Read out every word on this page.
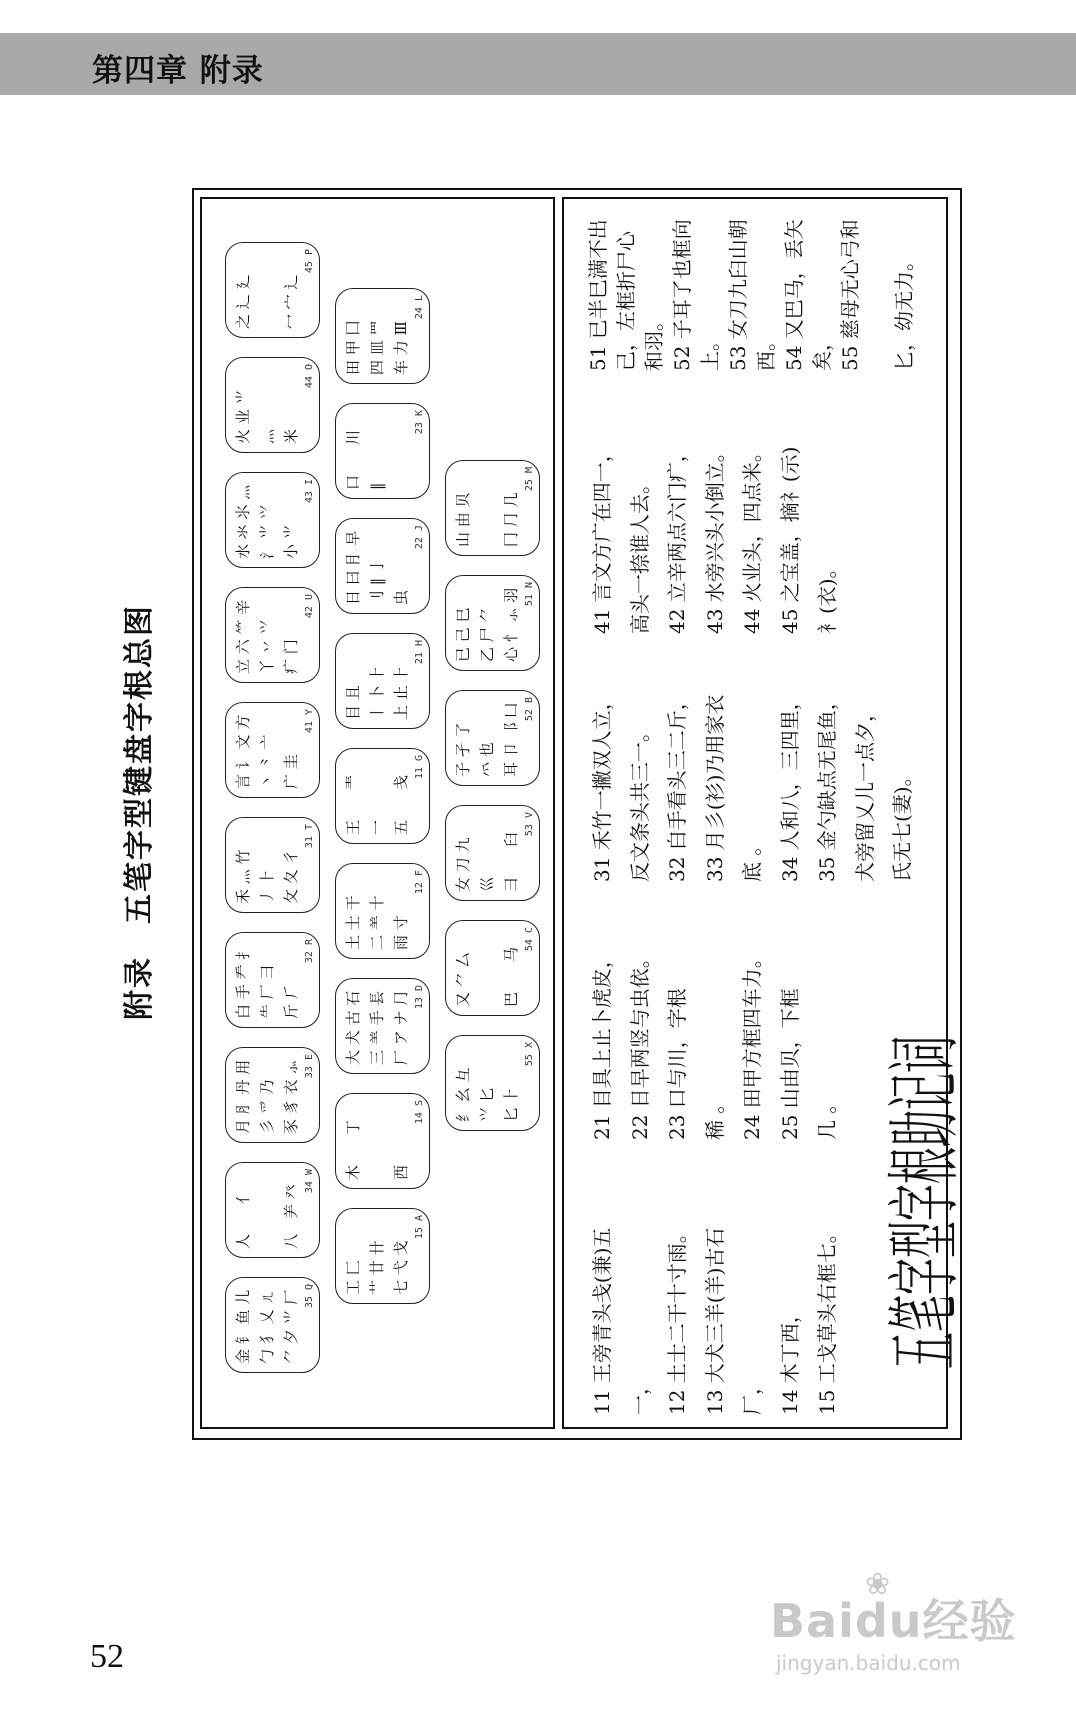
第四章 附录
附录　五笔字型键盘字根总图
金 钅 鱼 儿 勹 ⺨ 乂 ㄦ ⺈ 夕 ⺌ 厂 35 Q
人　　亻 八　⺶ 癶
34 W
月 ⺼ 丹 用 彡 爫 乃 豕 豸 衣 ⺗ 33 E
白 手 龵 扌 ⺧ 厂 ⺕ 斤 ⺁
32 R
禾 ⺣ 竹 丿 ⺊ 攵 夂 彳
31 T
言 讠 文 方 丶 ⺀ 亠 广 圭
41 Y
立 六 ⺮ 辛 丫 丷 ⺍ 疒 门
42 U
水 氺 ⺢ ⺣ 氵 ⺌ ⺍ 小 ⺌
43 I
火 业 ⺌ 灬 米
44 O
之 辶 廴 冖 宀 ⻌
45 P
工 匚 艹 廿 卄 七 弋 戈
15 A
木　　丁 西
14 S
大 犬 古 石 三 ⺷ 手 镸 厂 ア ナ ⺆ 13 D
土 士 干 二 ⺷ 十 雨 寸
12 F
王　　龶 一 五　　戋
11 G
目 且 丨 卜 ⺊ 上 止 ⺊
21 H
日 曰 ⺝ 早 刂 ‖ 亅 虫
22 J
口　　川 ‖
23 K
田 甲 囗 四 皿 罒 车 力 Ⅲ
24 L
纟 幺 彑 ⺍ 匕 匕 ⺊
55 X
又 ⺈ 厶 巴　　马
54 C
女 刀 九 巛 彐　　臼
53 V
子 孑 了 ⺤ 也 耳 卩 ⻏ 凵 52 B
已 己 巳 乙 尸 ⺈ 心 忄 ⺗ 羽 51 N
山 由 贝 冂 ⺆ 几
25 M
五笔字型字根助记词
11 王旁青头戋(兼)五 一， 12 土士二干十寸雨。 13 大犬三羊(羊)古石 厂， 14 木丁西， 15 工戈草头右框七。
21 目具上止卜虎皮， 22 日早两竖与虫依。 23 口与川，字根 稀 。 24 田甲方框四车力。 25 山由贝，下框 几 。
31 禾竹一撇双人立， 反文条头共三一。 32 白手看头三二斤， 33 月彡(衫)乃用家衣 底 。 34 人和八，三四里， 35 金勺缺点无尾鱼， 犬旁留乂儿一点夕， 氏无七(妻)。
41 言文方广在四一， 高头一捺谁人去。 42 立辛两点六门疒， 43 水旁兴头小倒立。 44 火业头，四点米。 45 之宝盖，摘礻(示) 衤(衣)。
51 已半巳满不出 己，左框折尸心 和羽。 52 子耳了也框向 上。 53 女刀九臼山朝 西。 54 又巴马，丢矢 矣， 55 慈母无心弓和 匕，幼无力。
52
❀
Baidu经验
jingyan.baidu.com
